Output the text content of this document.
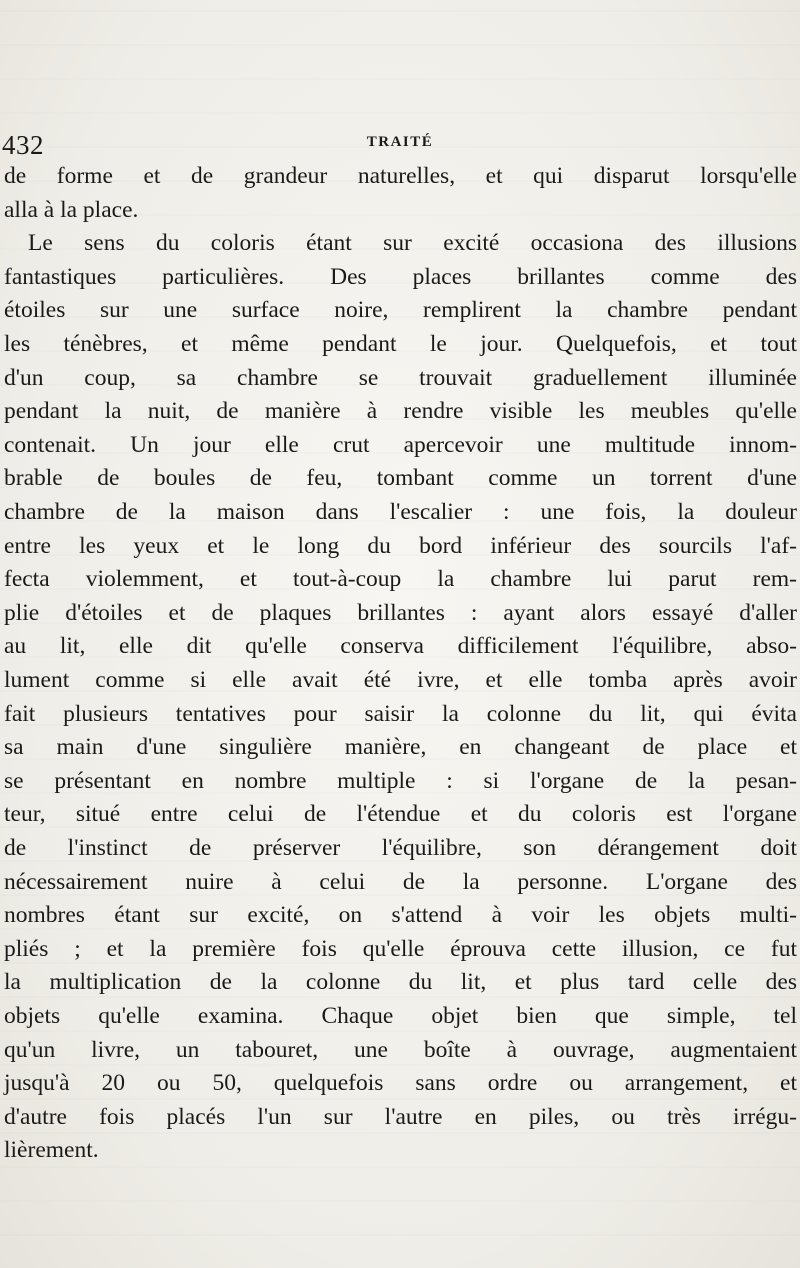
432	TRAITÉ
de forme et de grandeur naturelles, et qui disparut lorsqu'elle
alla à la place.
Le sens du coloris étant sur excité occasiona des illusions
fantastiques particulières. Des places brillantes comme des
étoiles sur une surface noire, remplirent la chambre pendant
les ténèbres, et même pendant le jour. Quelquefois, et tout
d'un coup, sa chambre se trouvait graduellement illuminée
pendant la nuit, de manière à rendre visible les meubles qu'elle
contenait. Un jour elle crut apercevoir une multitude innom-
brable de boules de feu, tombant comme un torrent d'une
chambre de la maison dans l'escalier : une fois, la douleur
entre les yeux et le long du bord inférieur des sourcils l'af-
fecta violemment, et tout-à-coup la chambre lui parut rem-
plie d'étoiles et de plaques brillantes : ayant alors essayé d'aller
au lit, elle dit qu'elle conserva difficilement l'équilibre, abso-
lument comme si elle avait été ivre, et elle tomba après avoir
fait plusieurs tentatives pour saisir la colonne du lit, qui évita
sa main d'une singulière manière, en changeant de place et
se présentant en nombre multiple : si l'organe de la pesan-
teur, situé entre celui de l'étendue et du coloris est l'organe
de l'instinct de préserver l'équilibre, son dérangement doit
nécessairement nuire à celui de la personne. L'organe des
nombres étant sur excité, on s'attend à voir les objets multi-
pliés ; et la première fois qu'elle éprouva cette illusion, ce fut
la multiplication de la colonne du lit, et plus tard celle des
objets qu'elle examina. Chaque objet bien que simple, tel
qu'un livre, un tabouret, une boîte à ouvrage, augmentaient
jusqu'à 20 ou 50, quelquefois sans ordre ou arrangement, et
d'autre fois placés l'un sur l'autre en piles, ou très irrégu-
lièrement.
